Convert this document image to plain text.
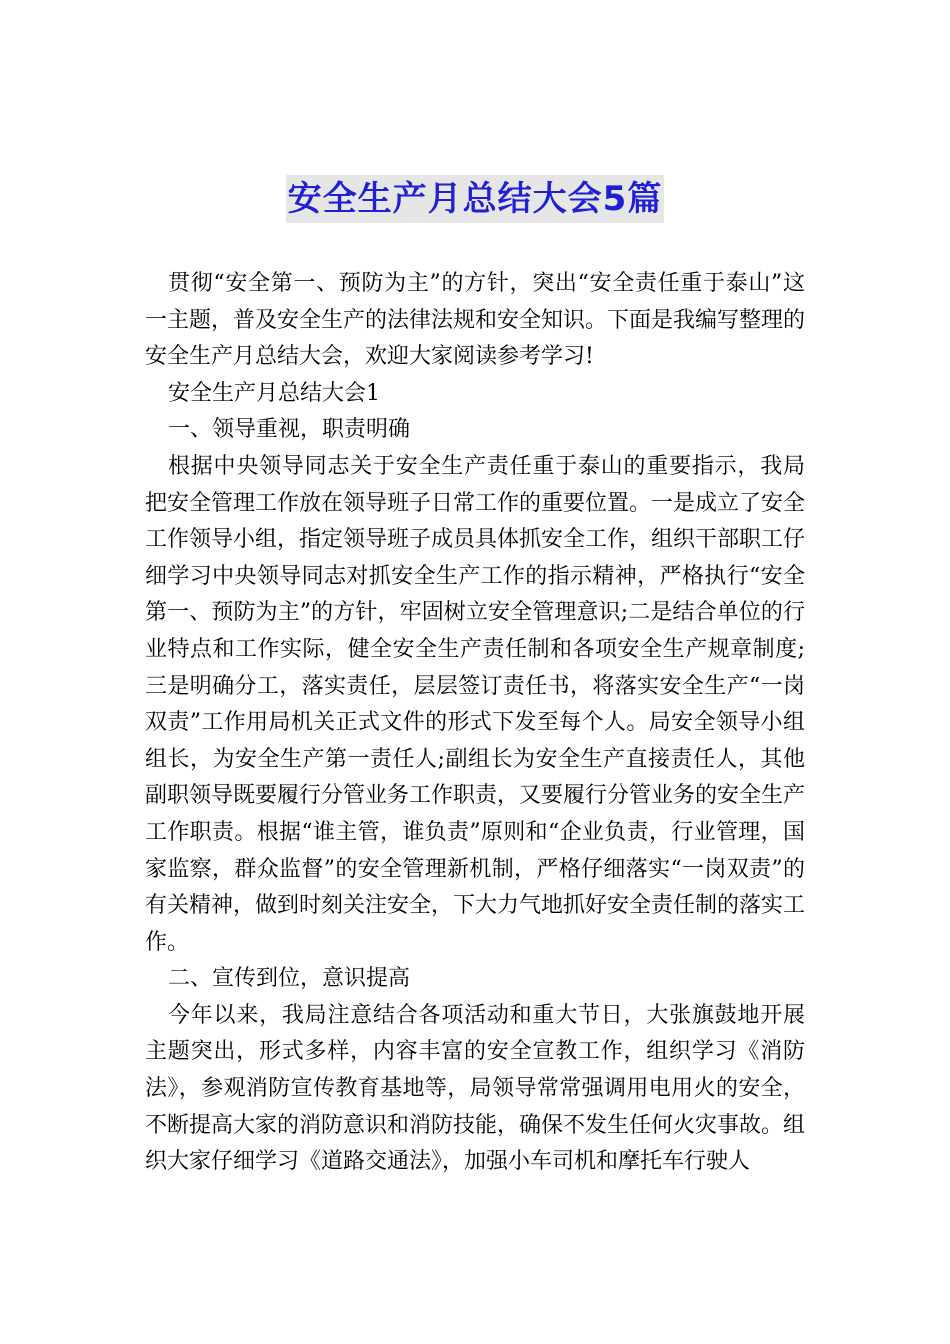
安全生产月总结大会5篇

贯彻“安全第一、预防为主”的方针，突出“安全责任重于泰山”这一主题，普及安全生产的法律法规和安全知识。下面是我编写整理的安全生产月总结大会，欢迎大家阅读参考学习!

安全生产月总结大会1

一、领导重视，职责明确

根据中央领导同志关于安全生产责任重于泰山的重要指示，我局把安全管理工作放在领导班子日常工作的重要位置。一是成立了安全工作领导小组，指定领导班子成员具体抓安全工作，组织干部职工仔细学习中央领导同志对抓安全生产工作的指示精神，严格执行“安全第一、预防为主”的方针，牢固树立安全管理意识;二是结合单位的行业特点和工作实际，健全安全生产责任制和各项安全生产规章制度;三是明确分工，落实责任，层层签订责任书，将落实安全生产“一岗双责”工作用局机关正式文件的形式下发至每个人。局安全领导小组组长，为安全生产第一责任人;副组长为安全生产直接责任人，其他副职领导既要履行分管业务工作职责，又要履行分管业务的安全生产工作职责。根据“谁主管，谁负责”原则和“企业负责，行业管理，国家监察，群众监督”的安全管理新机制，严格仔细落实“一岗双责”的有关精神，做到时刻关注安全，下大力气地抓好安全责任制的落实工作。

二、宣传到位，意识提高

今年以来，我局注意结合各项活动和重大节日，大张旗鼓地开展主题突出，形式多样，内容丰富的安全宣教工作，组织学习《消防法》，参观消防宣传教育基地等，局领导常常强调用电用火的安全，不断提高大家的消防意识和消防技能，确保不发生任何火灾事故。组织大家仔细学习《道路交通法》，加强小车司机和摩托车行驶人
